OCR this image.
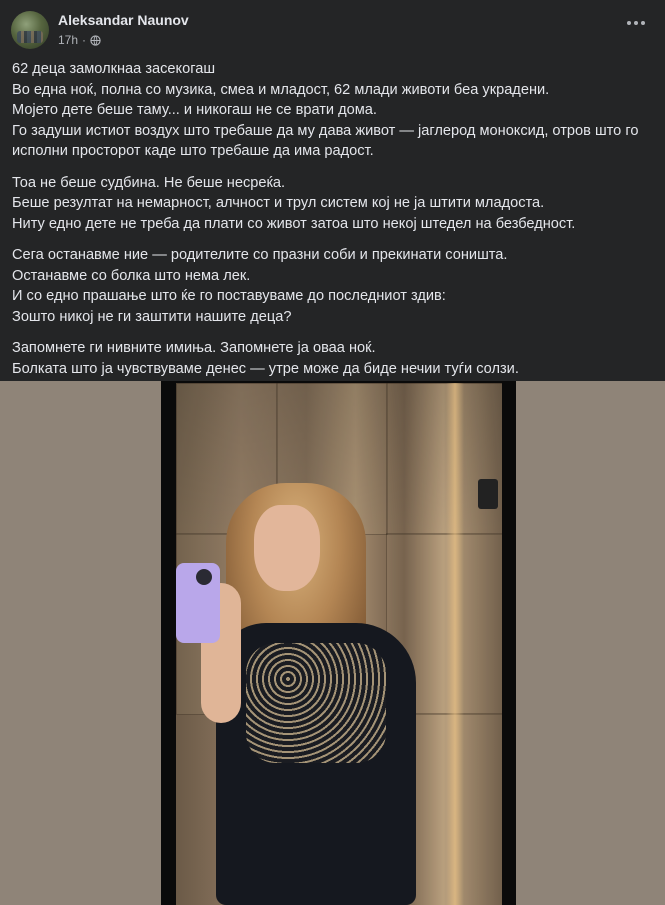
Aleksandar Naunov
17h ·
62 деца замолкнаа засекогаш
Во една ноќ, полна со музика, смеа и младост, 62 млади животи беа украдени.
Мојето дете беше таму... и никогаш не се врати дома.
Го задуши истиот воздух што требаше да му дава живот — јаглерод моноксид, отров што го
исполни просторот каде што требаше да има радост.
Тоа не беше судбина. Не беше несреќа.
Беше резултат на немарност, алчност и трул систем кој не ја штити младоста.
Ниту едно дете не треба да плати со живот затоа што некој штедел на безбедност.
Сега останавме ние — родителите со празни соби и прекинати соништа.
Останавме со болка што нема лек.
И со едно прашање што ќе го поставуваме до последниот здив:
Зошто никој не ги заштити нашите деца?
Запомнете ги нивните имиња. Запомнете ја оваа ноќ.
Болката што ја чувствуваме денес — утре може да биде нечии туѓи солзи.
